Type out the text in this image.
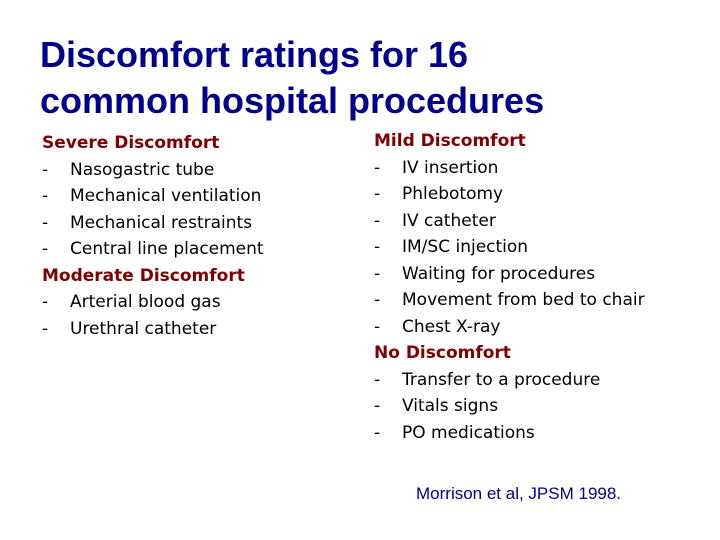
Discomfort ratings for 16
common hospital procedures
Severe Discomfort
- Nasogastric tube
- Mechanical ventilation
- Mechanical restraints
- Central line placement
Moderate Discomfort
- Arterial blood gas
- Urethral catheter
Mild Discomfort
- IV insertion
- Phlebotomy
- IV catheter
- IM/SC injection
- Waiting for procedures
- Movement from bed to chair
- Chest X-ray
No Discomfort
- Transfer to a procedure
- Vitals signs
- PO medications
Morrison et al, JPSM 1998.
